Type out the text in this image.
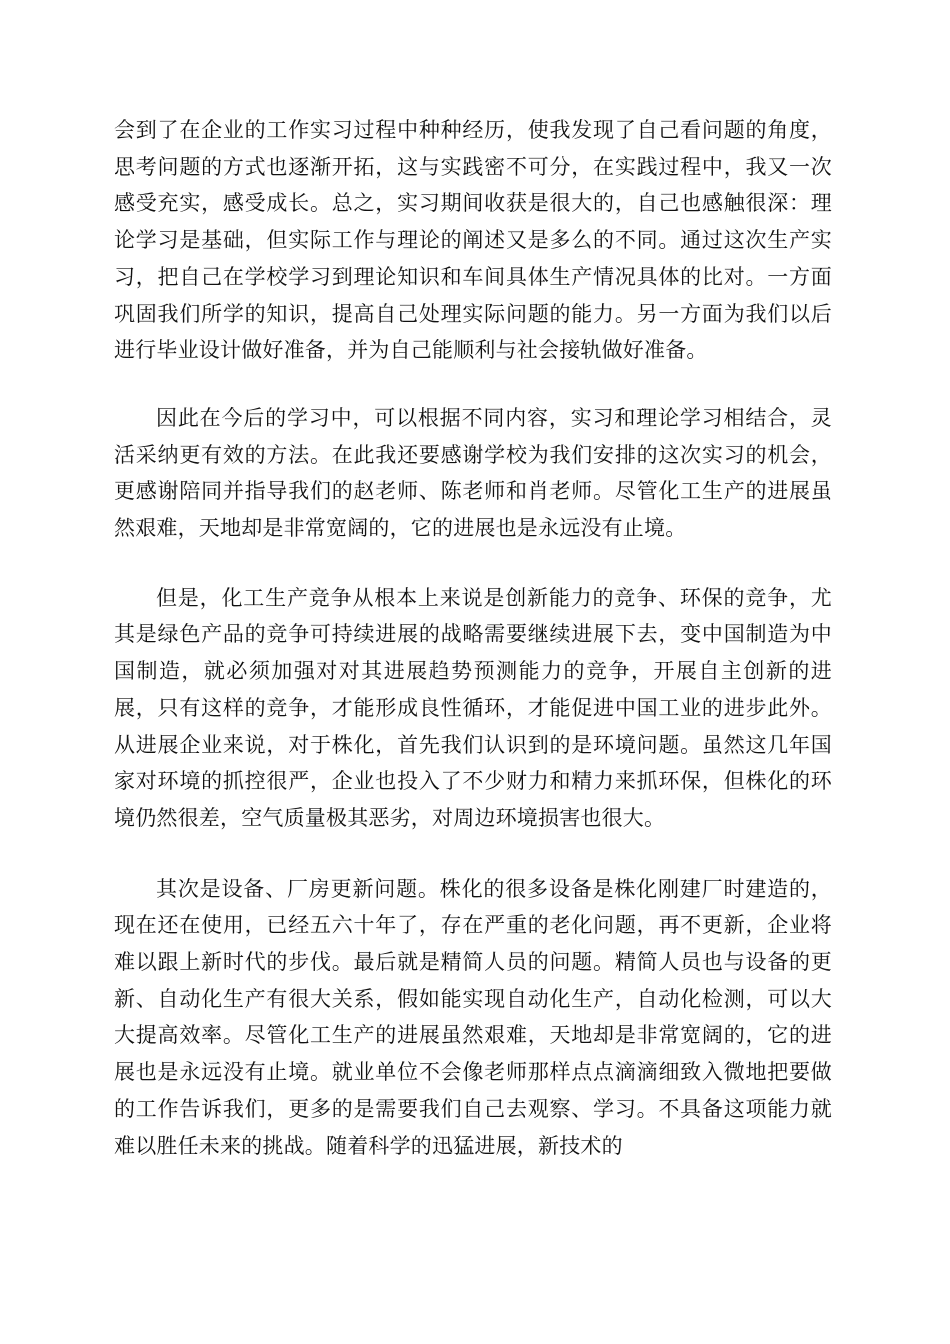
会到了在企业的工作实习过程中种种经历，使我发现了自己看问题的角度，思考问题的方式也逐渐开拓，这与实践密不可分，在实践过程中，我又一次感受充实，感受成长。总之，实习期间收获是很大的，自己也感触很深：理论学习是基础，但实际工作与理论的阐述又是多么的不同。通过这次生产实习，把自己在学校学习到理论知识和车间具体生产情况具体的比对。一方面巩固我们所学的知识，提高自己处理实际问题的能力。另一方面为我们以后进行毕业设计做好准备，并为自己能顺利与社会接轨做好准备。

因此在今后的学习中，可以根据不同内容，实习和理论学习相结合，灵活采纳更有效的方法。在此我还要感谢学校为我们安排的这次实习的机会，更感谢陪同并指导我们的赵老师、陈老师和肖老师。尽管化工生产的进展虽然艰难，天地却是非常宽阔的，它的进展也是永远没有止境。

但是，化工生产竞争从根本上来说是创新能力的竞争、环保的竞争，尤其是绿色产品的竞争可持续进展的战略需要继续进展下去，变中国制造为中国制造，就必须加强对对其进展趋势预测能力的竞争，开展自主创新的进展，只有这样的竞争，才能形成良性循环，才能促进中国工业的进步此外。从进展企业来说，对于株化，首先我们认识到的是环境问题。虽然这几年国家对环境的抓控很严，企业也投入了不少财力和精力来抓环保，但株化的环境仍然很差，空气质量极其恶劣，对周边环境损害也很大。

其次是设备、厂房更新问题。株化的很多设备是株化刚建厂时建造的，现在还在使用，已经五六十年了，存在严重的老化问题，再不更新，企业将难以跟上新时代的步伐。最后就是精简人员的问题。精简人员也与设备的更新、自动化生产有很大关系，假如能实现自动化生产，自动化检测，可以大大提高效率。尽管化工生产的进展虽然艰难，天地却是非常宽阔的，它的进展也是永远没有止境。就业单位不会像老师那样点点滴滴细致入微地把要做的工作告诉我们，更多的是需要我们自己去观察、学习。不具备这项能力就难以胜任未来的挑战。随着科学的迅猛进展，新技术的
